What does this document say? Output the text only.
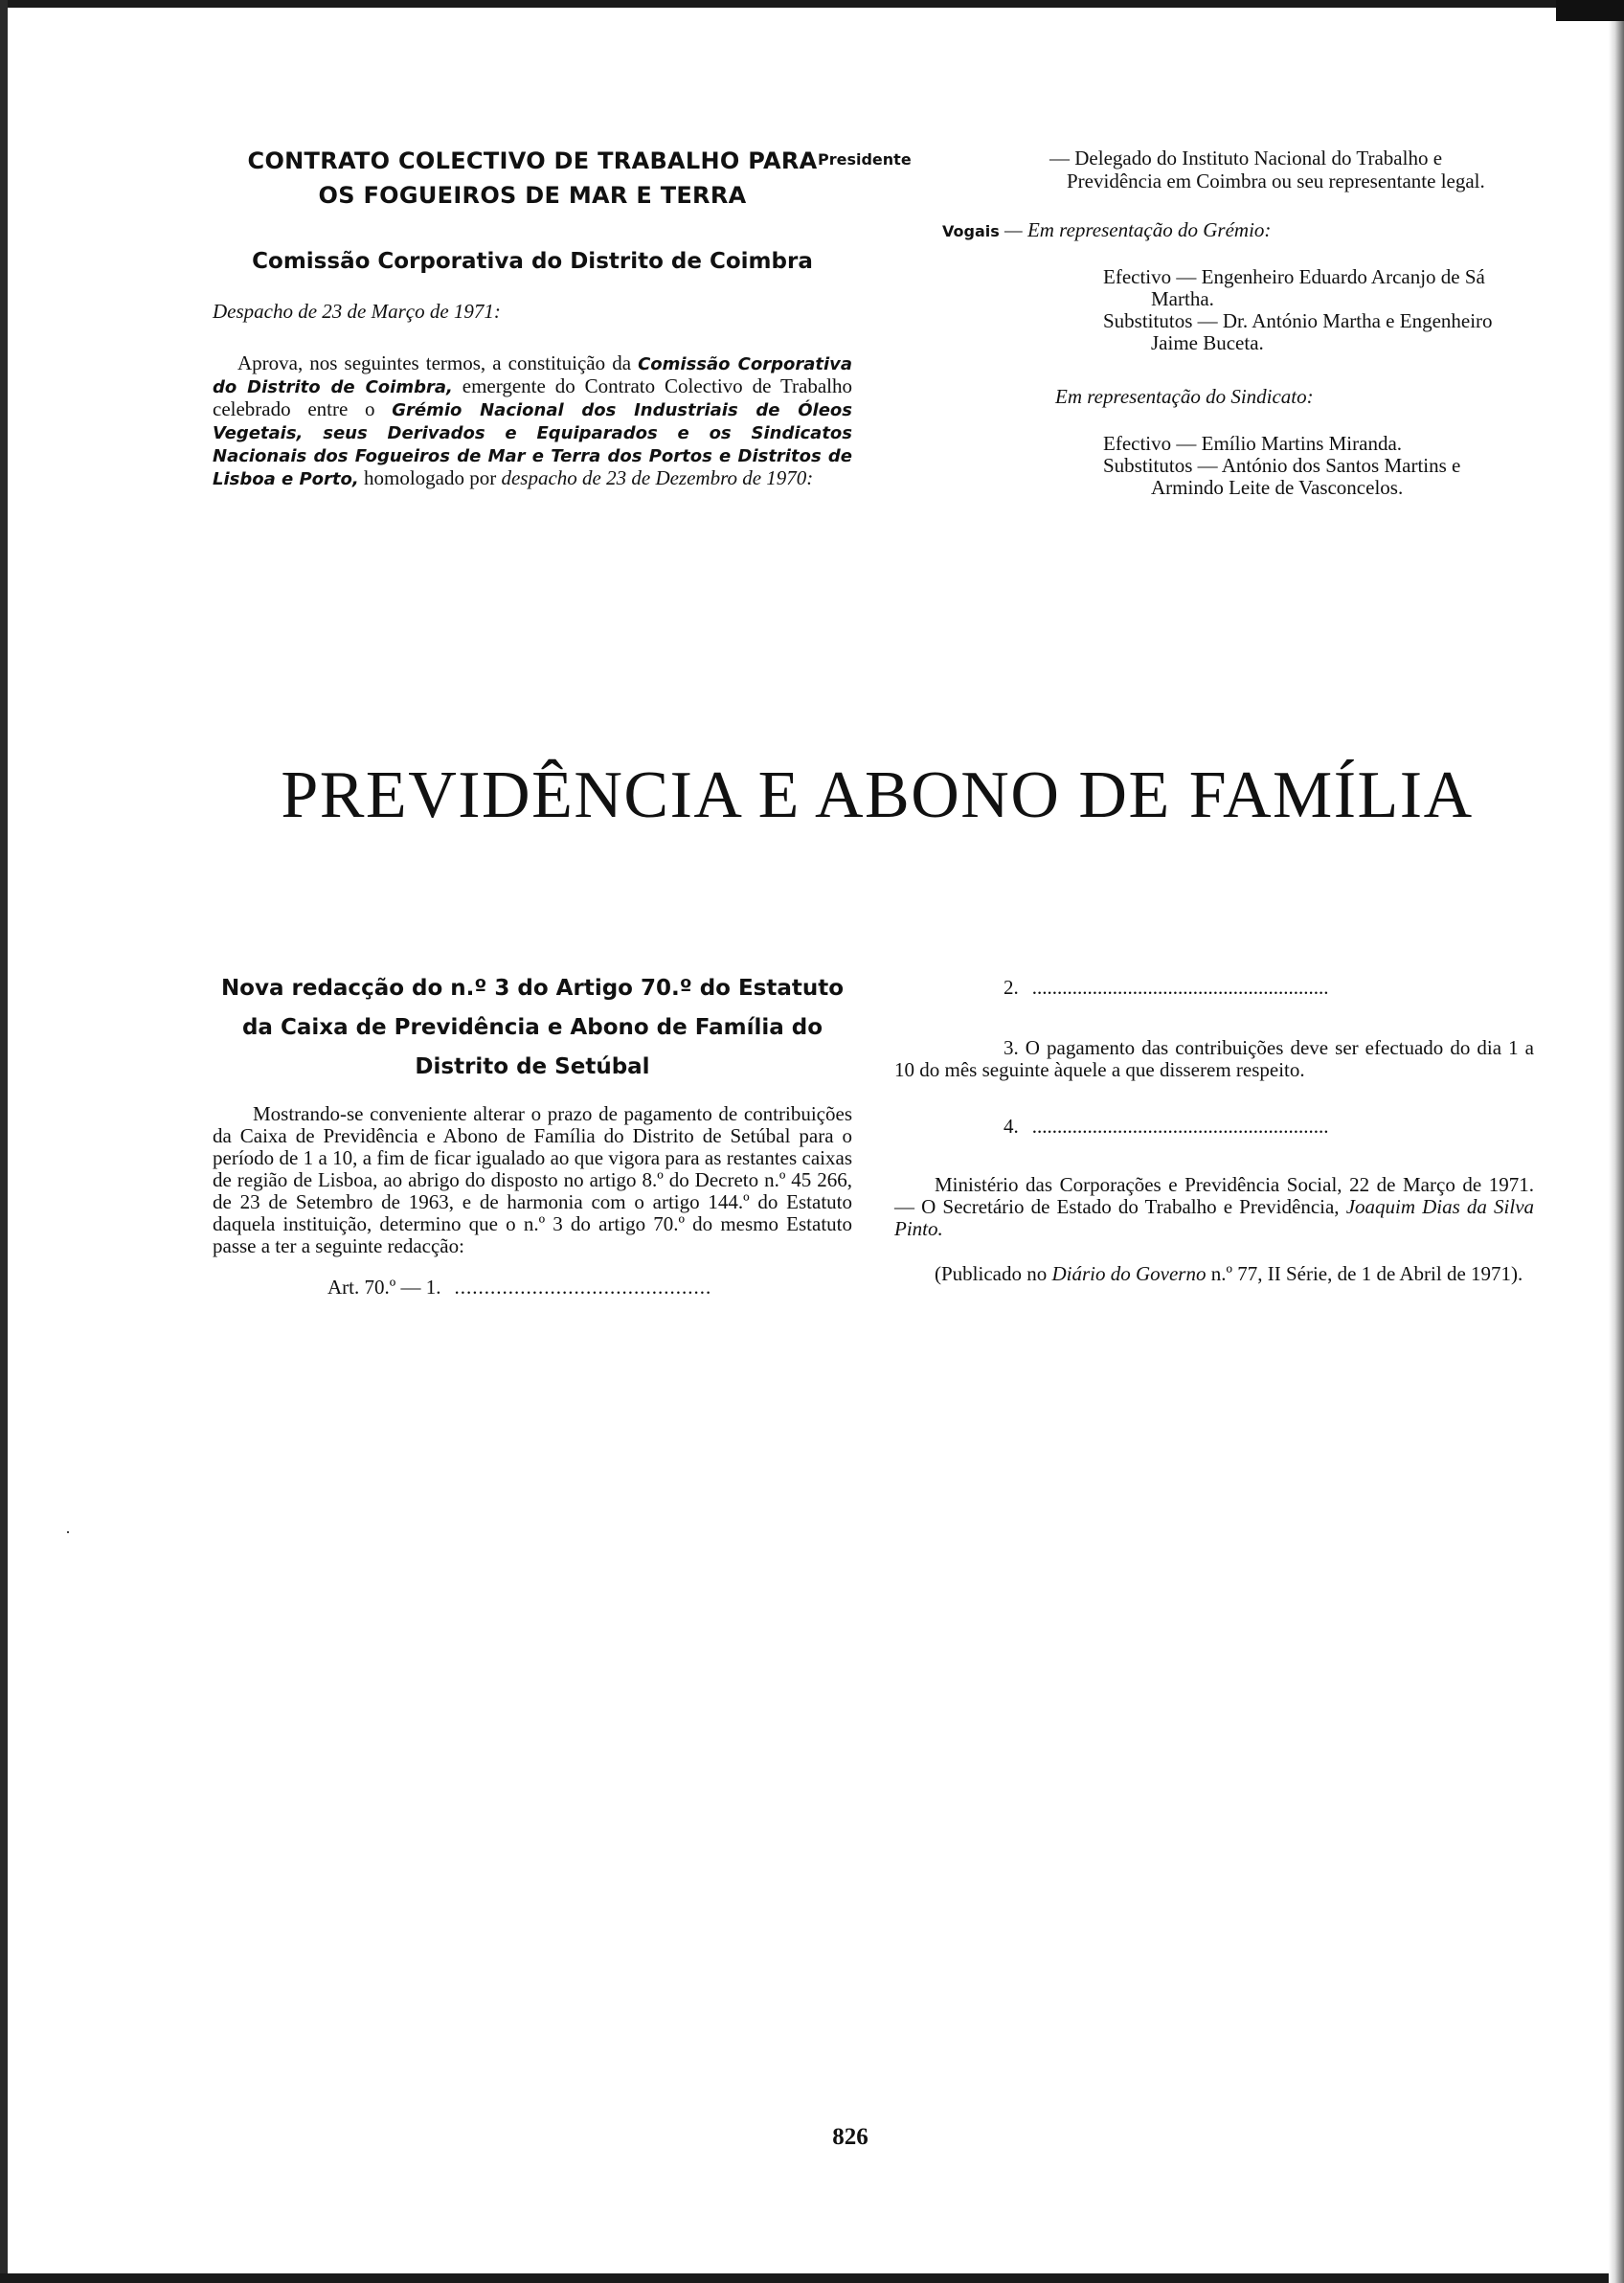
·
CONTRATO COLECTIVO DE TRABALHO PARA
OS FOGUEIROS DE MAR E TERRA
Comissão Corporativa do Distrito de Coimbra
Despacho de 23 de Março de 1971:
Aprova, nos seguintes termos, a constituição da Comissão Corporativa do Distrito de Coimbra, emergente do Contrato Colectivo de Trabalho celebrado entre o Grémio Nacional dos Industriais de Óleos Vegetais, seus Derivados e Equiparados e os Sindicatos Nacionais dos Fogueiros de Mar e Terra dos Portos e Distritos de Lisboa e Porto, homologado por despacho de 23 de Dezembro de 1970:
Presidente	— Delegado do Instituto Nacional do Trabalho e Previdência em Coimbra ou seu representante legal.
Vogais — Em representação do Grémio:
Efectivo — Engenheiro Eduardo Arcanjo de Sá Martha.
Substitutos — Dr. António Martha e Engenheiro Jaime Buceta.
Em representação do Sindicato:
Efectivo — Emílio Martins Miranda.
Substitutos — António dos Santos Martins e Armindo Leite de Vasconcelos.
PREVIDÊNCIA E ABONO DE FAMÍLIA
Nova redacção do n.º 3 do Artigo 70.º do Estatuto
da Caixa de Previdência e Abono de Família do
Distrito de Setúbal
Mostrando-se conveniente alterar o prazo de pagamento de contribuições da Caixa de Previdência e Abono de Família do Distrito de Setúbal para o período de 1 a 10, a fim de ficar igualado ao que vigora para as restantes caixas de região de Lisboa, ao abrigo do disposto no artigo 8.º do Decreto n.º 45 266, de 23 de Setembro de 1963, e de harmonia com o artigo 144.º do Estatuto daquela instituição, determino que o n.º 3 do artigo 70.º do mesmo Estatuto passe a ter a seguinte redacção:
Art. 70.º — 1. ...........................................
2. ...........................................................
3. O pagamento das contribuições deve ser efectuado do dia 1 a 10 do mês seguinte àquele a que disserem respeito.
4. ...........................................................
Ministério das Corporações e Previdência Social, 22 de Março de 1971. — O Secretário de Estado do Trabalho e Previdência, Joaquim Dias da Silva Pinto.
(Publicado no Diário do Governo n.º 77, II Série, de 1 de Abril de 1971).
826
